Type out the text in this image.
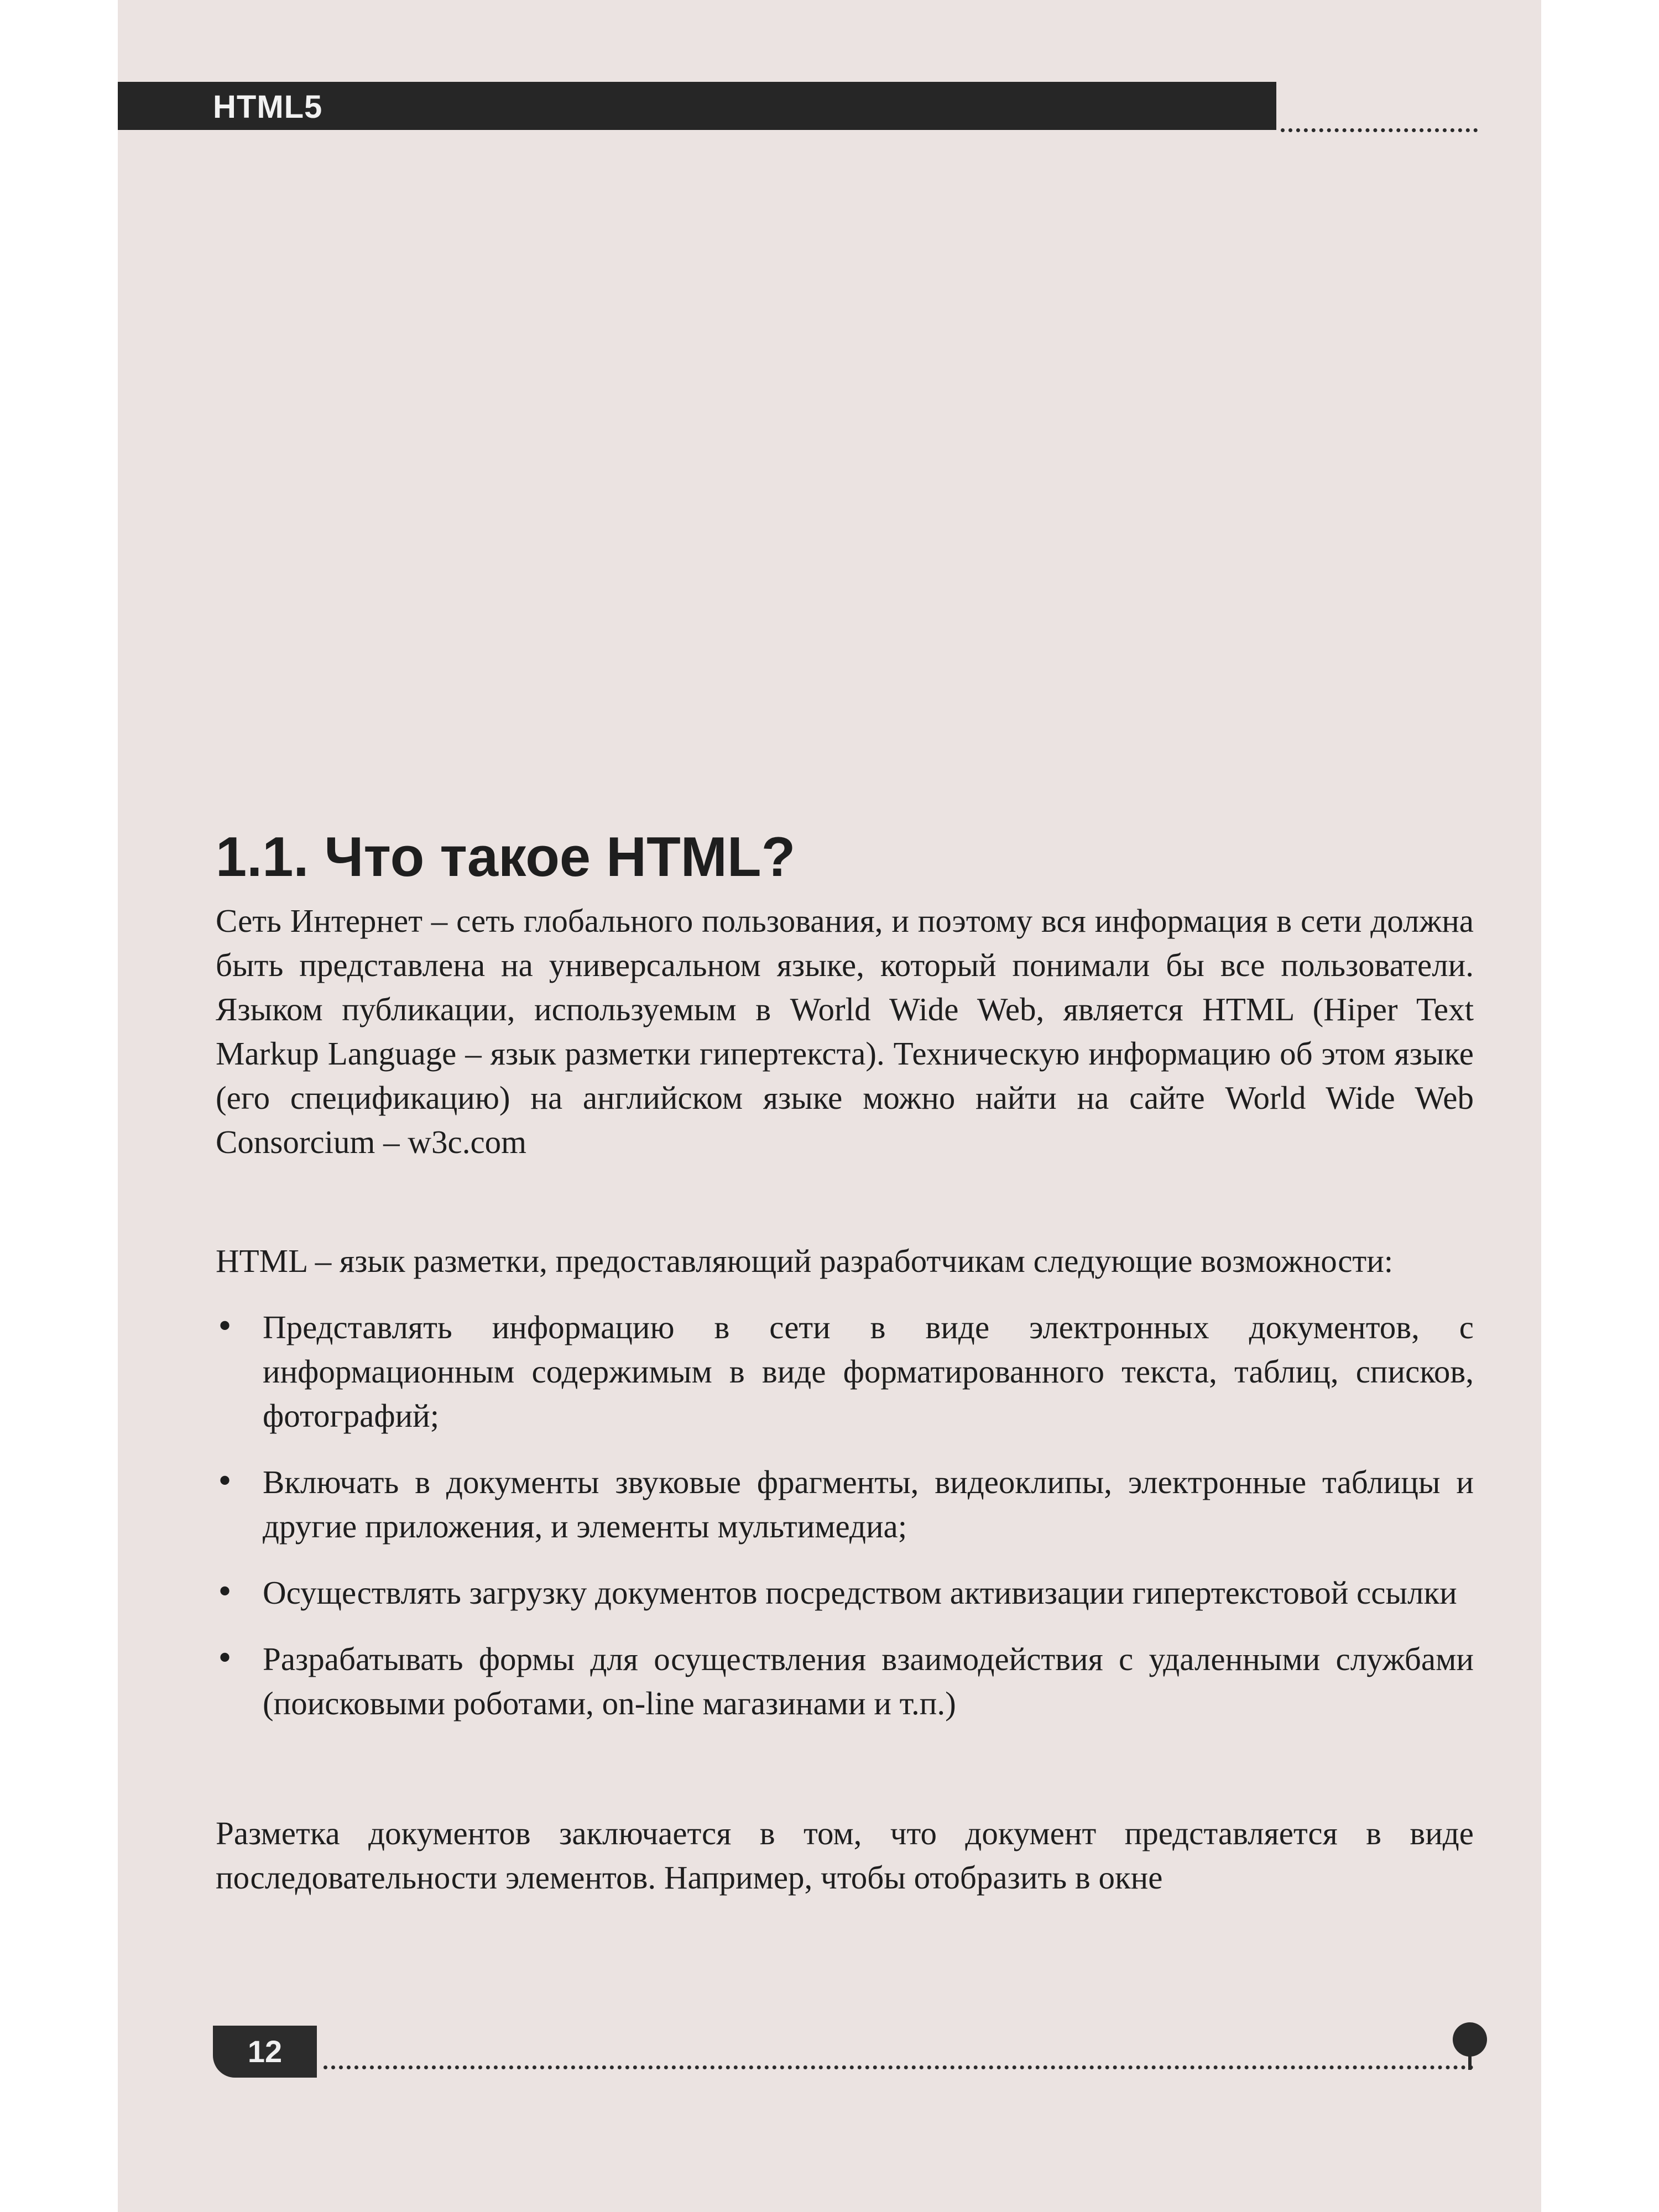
HTML5
1.1. Что такое HTML?

Сеть Интернет – сеть глобального пользования, и поэтому вся информация в сети должна быть представлена на универсальном языке, который понимали бы все пользователи. Языком публикации, используемым в World Wide Web, является HTML (Hiper Text Markup Language – язык разметки гипертекста). Техническую информацию об этом языке (его спецификацию) на английском языке можно найти на сайте World Wide Web Consorcium – w3c.com

HTML – язык разметки, предоставляющий разработчикам следующие возможности:

• Представлять информацию в сети в виде электронных документов, с информационным содержимым в виде форматированного текста, таблиц, списков, фотографий;
• Включать в документы звуковые фрагменты, видеоклипы, электронные таблицы и другие приложения, и элементы мультимедиа;
• Осуществлять загрузку документов посредством активизации гипертекстовой ссылки
• Разрабатывать формы для осуществления взаимодействия с удаленными службами (поисковыми роботами, on-line магазинами и т.п.)

Разметка документов заключается в том, что документ представляется в виде последовательности элементов. Например, чтобы отобразить в окне

12
